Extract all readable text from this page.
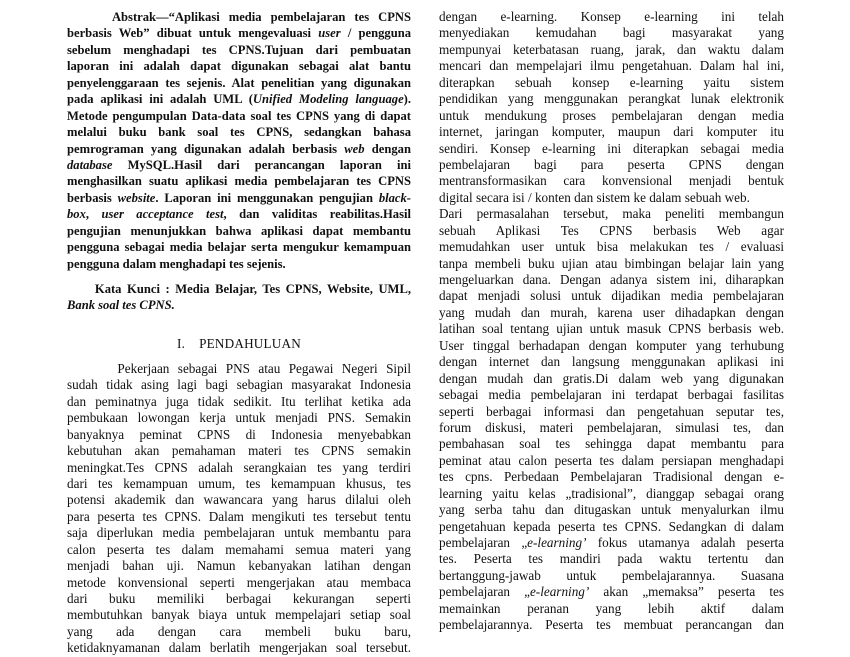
Abstrak—“Aplikasi media pembelajaran tes CPNS
berbasis Web” dibuat untuk mengevaluasi user / pengguna
sebelum menghadapi tes CPNS.Tujuan dari pembuatan
laporan ini adalah dapat digunakan sebagai alat bantu
penyelenggaraan tes sejenis. Alat penelitian yang digunakan
pada aplikasi ini adalah UML (Unified Modeling language).
Metode pengumpulan Data-data soal tes CPNS yang di dapat
melalui buku bank soal tes CPNS, sedangkan bahasa
pemrograman yang digunakan adalah berbasis web dengan
database MySQL.Hasil dari perancangan laporan ini
menghasilkan suatu aplikasi media pembelajaran tes CPNS
berbasis website. Laporan ini menggunakan pengujian black-
box, user acceptance test, dan validitas reabilitas.Hasil
pengujian menunjukkan bahwa aplikasi dapat membantu
pengguna sebagai media belajar serta mengukur kemampuan
pengguna dalam menghadapi tes sejenis.
Kata Kunci : Media Belajar, Tes CPNS, Website, UML,
Bank soal tes CPNS.
I.    PENDAHULUAN
Pekerjaan sebagai PNS atau Pegawai Negeri Sipil
sudah tidak asing lagi bagi sebagian masyarakat Indonesia
dan peminatnya juga tidak sedikit. Itu terlihat ketika ada
pembukaan lowongan kerja untuk menjadi PNS. Semakin
banyaknya peminat CPNS di Indonesia menyebabkan
kebutuhan akan pemahaman materi tes CPNS semakin
meningkat.Tes CPNS adalah serangkaian tes yang terdiri
dari tes kemampuan umum, tes kemampuan khusus, tes
potensi akademik dan wawancara yang harus dilalui oleh
para peserta tes CPNS. Dalam mengikuti tes tersebut tentu
saja diperlukan media pembelajaran untuk membantu para
calon peserta tes dalam memahami semua materi yang
menjadi bahan uji. Namun kebanyakan latihan dengan
metode konvensional seperti mengerjakan atau membaca
dari buku memiliki berbagai kekurangan seperti
membutuhkan banyak biaya untuk mempelajari setiap soal
yang ada dengan cara membeli buku baru,
ketidaknyamanan dalam berlatih mengerjakan soal tersebut.
dengan e-learning. Konsep e-learning ini telah
menyediakan kemudahan bagi masyarakat yang
mempunyai keterbatasan ruang, jarak, dan waktu dalam
mencari dan mempelajari ilmu pengetahuan. Dalam hal ini,
diterapkan sebuah konsep e-learning yaitu sistem
pendidikan yang menggunakan perangkat lunak elektronik
untuk mendukung proses pembelajaran dengan media
internet, jaringan komputer, maupun dari komputer itu
sendiri. Konsep e-learning ini diterapkan sebagai media
pembelajaran bagi para peserta CPNS dengan
mentransformasikan cara konvensional menjadi bentuk
digital secara isi / konten dan sistem ke dalam sebuah web.
Dari permasalahan tersebut, maka peneliti membangun
sebuah Aplikasi Tes CPNS berbasis Web agar
memudahkan user untuk bisa melakukan tes / evaluasi
tanpa membeli buku ujian atau bimbingan belajar lain yang
mengeluarkan dana. Dengan adanya sistem ini, diharapkan
dapat menjadi solusi untuk dijadikan media pembelajaran
yang mudah dan murah, karena user dihadapkan dengan
latihan soal tentang ujian untuk masuk CPNS berbasis web.
User tinggal berhadapan dengan komputer yang terhubung
dengan internet dan langsung menggunakan aplikasi ini
dengan mudah dan gratis.Di dalam web yang digunakan
sebagai media pembelajaran ini terdapat berbagai fasilitas
seperti berbagai informasi dan pengetahuan seputar tes,
forum diskusi, materi pembelajaran, simulasi tes, dan
pembahasan soal tes sehingga dapat membantu para
peminat atau calon peserta tes dalam persiapan menghadapi
tes cpns. Perbedaan Pembelajaran Tradisional dengan e-
learning yaitu kelas „tradisional”, dianggap sebagai orang
yang serba tahu dan ditugaskan untuk menyalurkan ilmu
pengetahuan kepada peserta tes CPNS. Sedangkan di dalam
pembelajaran „e-learning’ fokus utamanya adalah peserta
tes. Peserta tes mandiri pada waktu tertentu dan
bertanggung-jawab untuk pembelajarannya. Suasana
pembelajaran „e-learning’ akan „memaksa” peserta tes
memainkan peranan yang lebih aktif dalam
pembelajarannya. Peserta tes membuat perancangan dan
